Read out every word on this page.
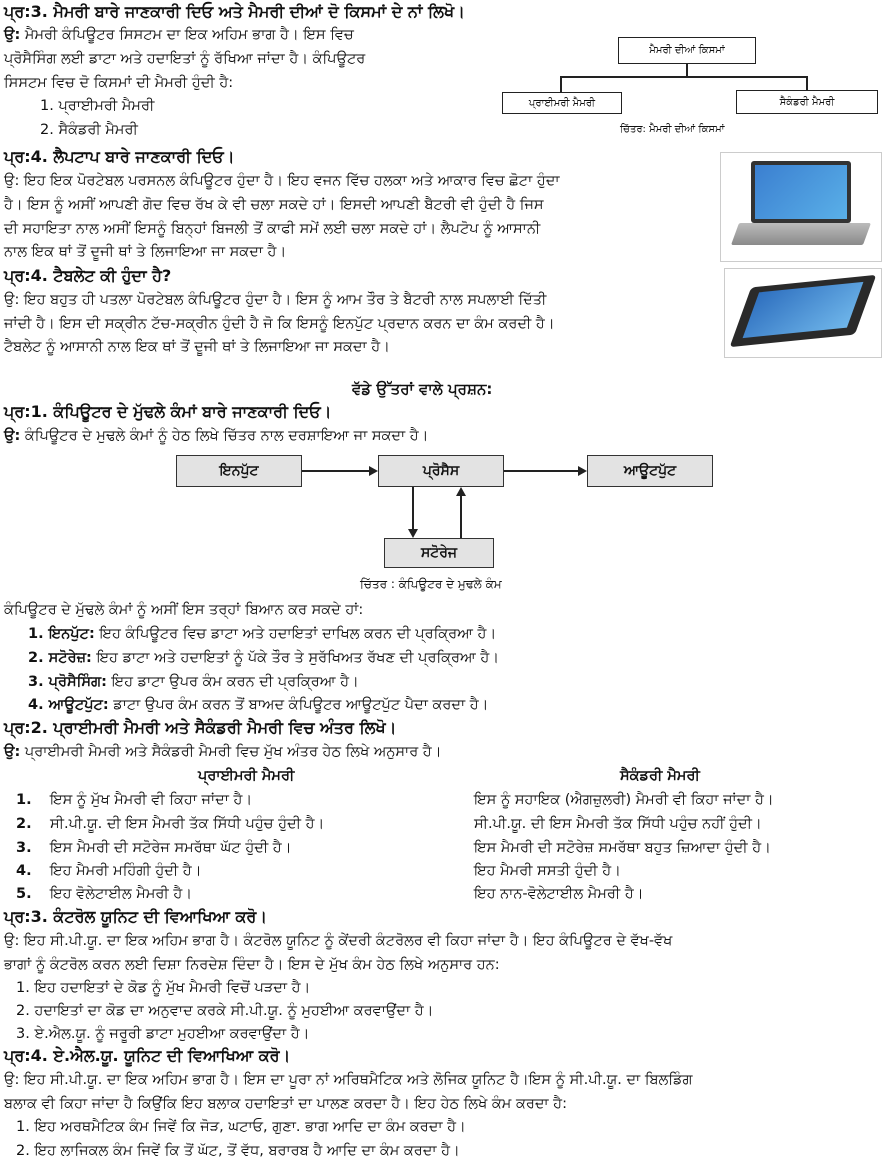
ਪ੍ਰ:3. ਮੈਮਰੀ ਬਾਰੇ ਜਾਣਕਾਰੀ ਦਿਓ ਅਤੇ ਮੈਮਰੀ ਦੀਆਂ ਦੋ ਕਿਸਮਾਂ ਦੇ ਨਾਂ ਲਿਖੋ।
ਉ: ਮੈਮਰੀ ਕੰਪਿਊਟਰ ਸਿਸਟਮ ਦਾ ਇਕ ਅਹਿਮ ਭਾਗ ਹੈ। ਇਸ ਵਿਚ
ਪ੍ਰੋਸੈਸਿੰਗ ਲਈ ਡਾਟਾ ਅਤੇ ਹਦਾਇਤਾਂ ਨੂੰ ਰੱਖਿਆ ਜਾਂਦਾ ਹੈ। ਕੰਪਿਊਟਰ
ਸਿਸਟਮ ਵਿਚ ਦੋ ਕਿਸਮਾਂ ਦੀ ਮੈਮਰੀ ਹੁੰਦੀ ਹੈ:
1. ਪ੍ਰਾਈਮਰੀ ਮੈਮਰੀ
2. ਸੈਕੰਡਰੀ ਮੈਮਰੀ
ਮੈਮਰੀ ਦੀਆਂ ਕਿਸਮਾਂ
ਪ੍ਰਾਈਮਰੀ ਮੈਮਰੀ	ਸੈਕੰਡਰੀ ਮੈਮਰੀ
ਚਿੱਤਰ: ਮੈਮਰੀ ਦੀਆਂ ਕਿਸਮਾਂ
ਪ੍ਰ:4. ਲੈਪਟਾਪ ਬਾਰੇ ਜਾਣਕਾਰੀ ਦਿਓ।
ਉ: ਇਹ ਇਕ ਪੋਰਟੇਬਲ ਪਰਸਨਲ ਕੰਪਿਊਟਰ ਹੁੰਦਾ ਹੈ। ਇਹ ਵਜਨ ਵਿੱਚ ਹਲਕਾ ਅਤੇ ਆਕਾਰ ਵਿਚ ਛੋਟਾ ਹੁੰਦਾ
ਹੈ। ਇਸ ਨੂੰ ਅਸੀਂ ਆਪਣੀ ਗੋਦ ਵਿਚ ਰੱਖ ਕੇ ਵੀ ਚਲਾ ਸਕਦੇ ਹਾਂ। ਇਸਦੀ ਆਪਣੀ ਬੈਟਰੀ ਵੀ ਹੁੰਦੀ ਹੈ ਜਿਸ
ਦੀ ਸਹਾਇਤਾ ਨਾਲ ਅਸੀਂ ਇਸਨੂੰ ਬਿਨ੍ਹਾਂ ਬਿਜਲੀ ਤੋਂ ਕਾਫੀ ਸਮੇਂ ਲਈ ਚਲਾ ਸਕਦੇ ਹਾਂ। ਲੈਪਟੋਪ ਨੂੰ ਆਸਾਨੀ
ਨਾਲ ਇਕ ਥਾਂ ਤੋਂ ਦੂਜੀ ਥਾਂ ਤੇ ਲਿਜਾਇਆ ਜਾ ਸਕਦਾ ਹੈ।
ਪ੍ਰ:4. ਟੈਬਲੇਟ ਕੀ ਹੁੰਦਾ ਹੈ?
ਉ: ਇਹ ਬਹੁਤ ਹੀ ਪਤਲਾ ਪੋਰਟੇਬਲ ਕੰਪਿਊਟਰ ਹੁੰਦਾ ਹੈ। ਇਸ ਨੂੰ ਆਮ ਤੌਰ ਤੇ ਬੈਟਰੀ ਨਾਲ ਸਪਲਾਈ ਦਿੱਤੀ
ਜਾਂਦੀ ਹੈ। ਇਸ ਦੀ ਸਕ੍ਰੀਨ ਟੱਚ-ਸਕ੍ਰੀਨ ਹੁੰਦੀ ਹੈ ਜੋ ਕਿ ਇਸਨੂੰ ਇਨਪੁੱਟ ਪ੍ਰਦਾਨ ਕਰਨ ਦਾ ਕੰਮ ਕਰਦੀ ਹੈ।
ਟੈਬਲੇਟ ਨੂੰ ਆਸਾਨੀ ਨਾਲ ਇਕ ਥਾਂ ਤੋਂ ਦੂਜੀ ਥਾਂ ਤੇ ਲਿਜਾਇਆ ਜਾ ਸਕਦਾ ਹੈ।
ਵੱਡੇ ਉੱਤਰਾਂ ਵਾਲੇ ਪ੍ਰਸ਼ਨ:
ਪ੍ਰ:1. ਕੰਪਿਊਟਰ ਦੇ ਮੁੱਢਲੇ ਕੰਮਾਂ ਬਾਰੇ ਜਾਣਕਾਰੀ ਦਿਓ।
ਉ: ਕੰਪਿਊਟਰ ਦੇ ਮੁਢਲੇ ਕੰਮਾਂ ਨੂੰ ਹੇਠ ਲਿਖੇ ਚਿੱਤਰ ਨਾਲ ਦਰਸ਼ਾਇਆ ਜਾ ਸਕਦਾ ਹੈ।
ਇਨਪੁੱਟ	ਪ੍ਰੋਸੈਸ	ਆਊਟਪੁੱਟ
ਸਟੋਰੇਜ
ਚਿੱਤਰ : ਕੰਪਿਊਟਰ ਦੇ ਮੁਢਲੇ ਕੰਮ
ਕੰਪਿਊਟਰ ਦੇ ਮੁੱਢਲੇ ਕੰਮਾਂ ਨੂੰ ਅਸੀਂ ਇਸ ਤਰ੍ਹਾਂ ਬਿਆਨ ਕਰ ਸਕਦੇ ਹਾਂ:
1. ਇਨਪੁੱਟ: ਇਹ ਕੰਪਿਊਟਰ ਵਿਚ ਡਾਟਾ ਅਤੇ ਹਦਾਇਤਾਂ ਦਾਖਿਲ ਕਰਨ ਦੀ ਪ੍ਰਕ੍ਰਿਆ ਹੈ।
2. ਸਟੋਰੇਜ਼: ਇਹ ਡਾਟਾ ਅਤੇ ਹਦਾਇਤਾਂ ਨੂੰ ਪੱਕੇ ਤੌਰ ਤੇ ਸੁਰੱਖਿਅਤ ਰੱਖਣ ਦੀ ਪ੍ਰਕ੍ਰਿਆ ਹੈ।
3. ਪ੍ਰੋਸੈਸਿੰਗ: ਇਹ ਡਾਟਾ ਉਪਰ ਕੰਮ ਕਰਨ ਦੀ ਪ੍ਰਕ੍ਰਿਆ ਹੈ।
4. ਆਊਟਪੁੱਟ: ਡਾਟਾ ਉਪਰ ਕੰਮ ਕਰਨ ਤੋਂ ਬਾਅਦ ਕੰਪਿਊਟਰ ਆਊਟਪੁੱਟ ਪੈਦਾ ਕਰਦਾ ਹੈ।
ਪ੍ਰ:2. ਪ੍ਰਾਈਮਰੀ ਮੈਮਰੀ ਅਤੇ ਸੈਕੰਡਰੀ ਮੈਮਰੀ ਵਿਚ ਅੰਤਰ ਲਿਖੋ।
ਉ: ਪ੍ਰਾਈਮਰੀ ਮੈਮਰੀ ਅਤੇ ਸੈਕੰਡਰੀ ਮੈਮਰੀ ਵਿਚ ਮੁੱਖ ਅੰਤਰ ਹੇਠ ਲਿਖੇ ਅਨੁਸਾਰ ਹੈ।
ਪ੍ਰਾਈਮਰੀ ਮੈਮਰੀ	ਸੈਕੰਡਰੀ ਮੈਮਰੀ
1. ਇਸ ਨੂੰ ਮੁੱਖ ਮੈਮਰੀ ਵੀ ਕਿਹਾ ਜਾਂਦਾ ਹੈ।	ਇਸ ਨੂੰ ਸਹਾਇਕ (ਐਗਜ਼ੁਲਰੀ) ਮੈਮਰੀ ਵੀ ਕਿਹਾ ਜਾਂਦਾ ਹੈ।
2. ਸੀ.ਪੀ.ਯੂ. ਦੀ ਇਸ ਮੈਮਰੀ ਤੱਕ ਸਿੱਧੀ ਪਹੁੰਚ ਹੁੰਦੀ ਹੈ।	ਸੀ.ਪੀ.ਯੂ. ਦੀ ਇਸ ਮੈਮਰੀ ਤੱਕ ਸਿੱਧੀ ਪਹੁੰਚ ਨਹੀਂ ਹੁੰਦੀ।
3. ਇਸ ਮੈਮਰੀ ਦੀ ਸਟੋਰੇਜ ਸਮਰੱਥਾ ਘੱਟ ਹੁੰਦੀ ਹੈ।	ਇਸ ਮੈਮਰੀ ਦੀ ਸਟੋਰੇਜ਼ ਸਮਰੱਥਾ ਬਹੁਤ ਜ਼ਿਆਦਾ ਹੁੰਦੀ ਹੈ।
4. ਇਹ ਮੈਮਰੀ ਮਹਿੰਗੀ ਹੁੰਦੀ ਹੈ।	ਇਹ ਮੈਮਰੀ ਸਸਤੀ ਹੁੰਦੀ ਹੈ।
5. ਇਹ ਵੋਲੇਟਾਈਲ ਮੈਮਰੀ ਹੈ।	ਇਹ ਨਾਨ-ਵੋਲੇਟਾਈਲ ਮੈਮਰੀ ਹੈ।
ਪ੍ਰ:3. ਕੰਟਰੋਲ ਯੂਨਿਟ ਦੀ ਵਿਆਖਿਆ ਕਰੋ।
ਉ: ਇਹ ਸੀ.ਪੀ.ਯੂ. ਦਾ ਇਕ ਅਹਿਮ ਭਾਗ ਹੈ। ਕੰਟਰੋਲ ਯੂਨਿਟ ਨੂੰ ਕੇਂਦਰੀ ਕੰਟਰੋਲਰ ਵੀ ਕਿਹਾ ਜਾਂਦਾ ਹੈ। ਇਹ ਕੰਪਿਊਟਰ ਦੇ ਵੱਖ-ਵੱਖ
ਭਾਗਾਂ ਨੂੰ ਕੰਟਰੋਲ ਕਰਨ ਲਈ ਦਿਸ਼ਾ ਨਿਰਦੇਸ਼ ਦਿੰਦਾ ਹੈ। ਇਸ ਦੇ ਮੁੱਖ ਕੰਮ ਹੇਠ ਲਿਖੇ ਅਨੁਸਾਰ ਹਨ:
1. ਇਹ ਹਦਾਇਤਾਂ ਦੇ ਕੋਡ ਨੂੰ ਮੁੱਖ ਮੈਮਰੀ ਵਿਚੋਂ ਪੜਦਾ ਹੈ।
2. ਹਦਾਇਤਾਂ ਦਾ ਕੋਡ ਦਾ ਅਨੁਵਾਦ ਕਰਕੇ ਸੀ.ਪੀ.ਯੂ. ਨੂੰ ਮੁਹਈਆ ਕਰਵਾਉਂਦਾ ਹੈ।
3. ਏ.ਐਲ.ਯੂ. ਨੂੰ ਜਰੂਰੀ ਡਾਟਾ ਮੁਹਈਆ ਕਰਵਾਉਂਦਾ ਹੈ।
ਪ੍ਰ:4. ਏ.ਐਲ.ਯੂ. ਯੂਨਿਟ ਦੀ ਵਿਆਖਿਆ ਕਰੋ।
ਉ: ਇਹ ਸੀ.ਪੀ.ਯੂ. ਦਾ ਇਕ ਅਹਿਮ ਭਾਗ ਹੈ। ਇਸ ਦਾ ਪੂਰਾ ਨਾਂ ਅਰਿਥਮੈਟਿਕ ਅਤੇ ਲੋਜਿਕ ਯੂਨਿਟ ਹੈ।ਇਸ ਨੂੰ ਸੀ.ਪੀ.ਯੂ. ਦਾ ਬਿਲਡਿੰਗ
ਬਲਾਕ ਵੀ ਕਿਹਾ ਜਾਂਦਾ ਹੈ ਕਿਉਂਕਿ ਇਹ ਬਲਾਕ ਹਦਾਇਤਾਂ ਦਾ ਪਾਲਣ ਕਰਦਾ ਹੈ। ਇਹ ਹੇਠ ਲਿਖੇ ਕੰਮ ਕਰਦਾ ਹੈ:
1. ਇਹ ਅਰਥਮੈਟਿਕ ਕੰਮ ਜਿਵੇਂ ਕਿ ਜੋੜ, ਘਟਾਓ, ਗੁਣਾ. ਭਾਗ ਆਦਿ ਦਾ ਕੰਮ ਕਰਦਾ ਹੈ।
2. ਇਹ ਲਾਜਿਕਲ ਕੰਮ ਜਿਵੇਂ ਕਿ ਤੋਂ ਘੱਟ, ਤੋਂ ਵੱਧ, ਬਰਾਰਬ ਹੈ ਆਦਿ ਦਾ ਕੰਮ ਕਰਦਾ ਹੈ।
